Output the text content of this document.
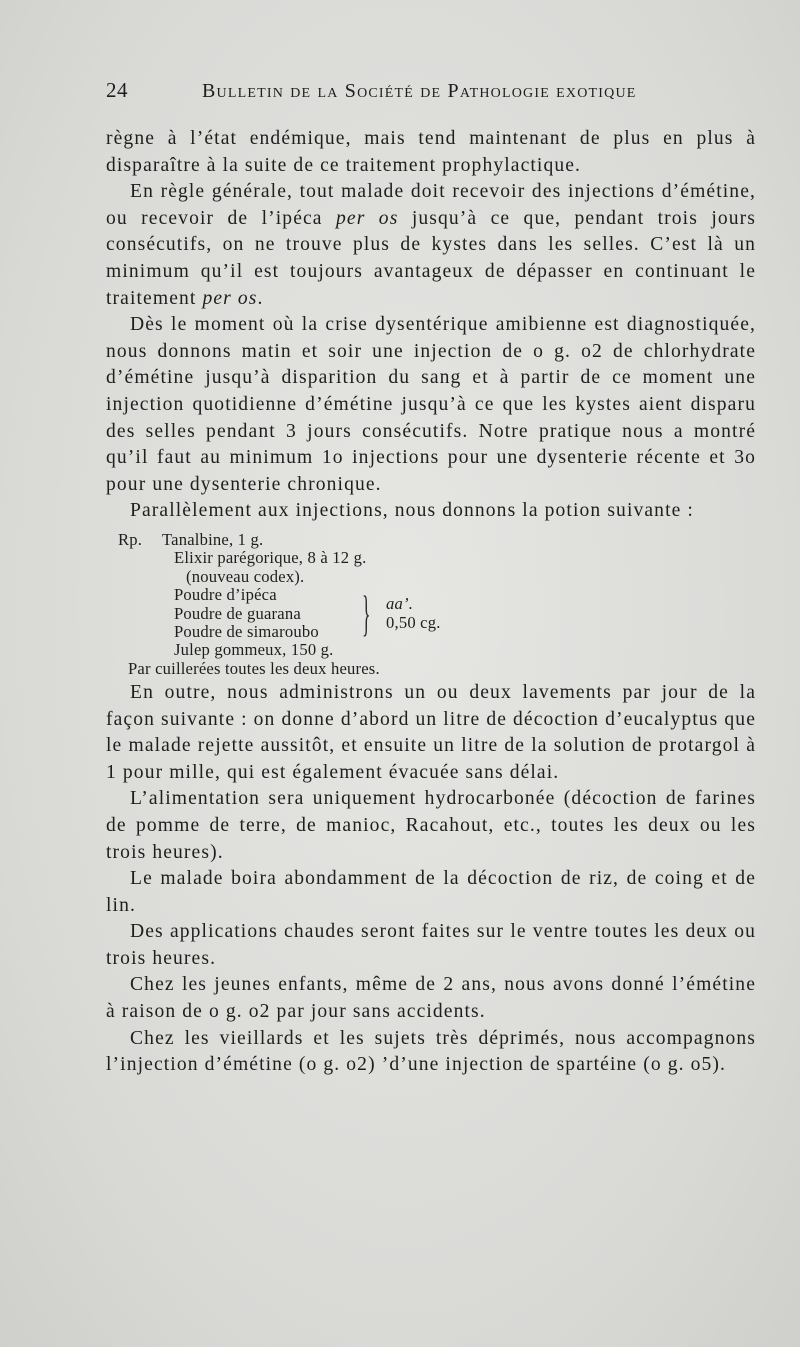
24	Bulletin de la Société de Pathologie exotique

règne à l’état endémique, mais tend maintenant de plus en plus à disparaître à la suite de ce traitement prophylactique.

En règle générale, tout malade doit recevoir des injections d’émétine, ou recevoir de l’ipéca per os jusqu’à ce que, pendant trois jours consécutifs, on ne trouve plus de kystes dans les selles. C’est là un minimum qu’il est toujours avantageux de dépasser en continuant le traitement per os.

Dès le moment où la crise dysentérique amibienne est diagnostiquée, nous donnons matin et soir une injection de o g. o2 de chlorhydrate d’émétine jusqu’à disparition du sang et à partir de ce moment une injection quotidienne d’émétine jusqu’à ce que les kystes aient disparu des selles pendant 3 jours consécutifs. Notre pratique nous a montré qu’il faut au minimum 1o injections pour une dysenterie récente et 3o pour une dysenterie chronique.

Parallèlement aux injections, nous donnons la potion suivante :

Rp.	Tanalbine, 1 g.
Elixir parégorique, 8 à 12 g.
(nouveau codex).
Poudre d’ipéca
Poudre de guarana
Poudre de simaroubo } aa’.
0,50 cg.
Julep gommeux, 150 g.
Par cuillerées toutes les deux heures.

En outre, nous administrons un ou deux lavements par jour de la façon suivante : on donne d’abord un litre de décoction d’eucalyptus que le malade rejette aussitôt, et ensuite un litre de la solution de protargol à 1 pour mille, qui est également évacuée sans délai.

L’alimentation sera uniquement hydrocarbonée (décoction de farines de pomme de terre, de manioc, Racahout, etc., toutes les deux ou les trois heures).

Le malade boira abondamment de la décoction de riz, de coing et de lin.

Des applications chaudes seront faites sur le ventre toutes les deux ou trois heures.

Chez les jeunes enfants, même de 2 ans, nous avons donné l’émétine à raison de o g. o2 par jour sans accidents.

Chez les vieillards et les sujets très déprimés, nous accompagnons l’injection d’émétine (o g. o2) ’d’une injection de spartéine (o g. o5).
